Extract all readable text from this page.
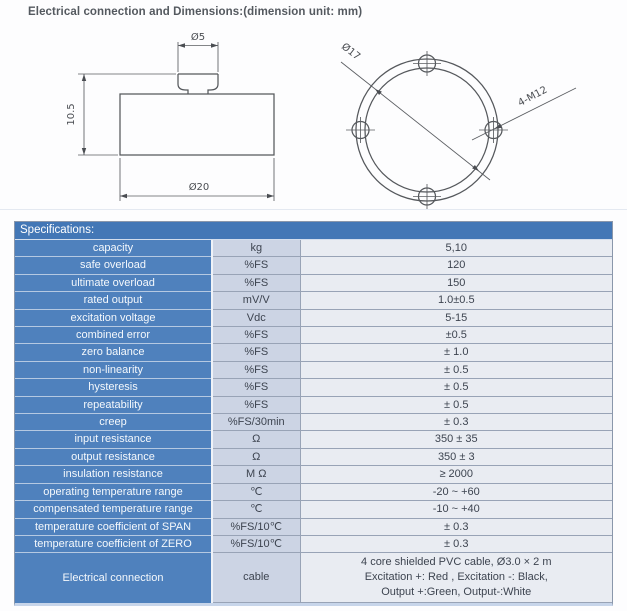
Electrical connection and Dimensions:(dimension unit: mm)
Ø5
10.5
Ø20
Ø17
4-M12
Specifications:
capacity	kg	5,10
safe overload	%FS	120
ultimate overload	%FS	150
rated output	mV/V	1.0±0.5
excitation voltage	Vdc	5-15
combined error	%FS	±0.5
zero balance	%FS	± 1.0
non-linearity	%FS	± 0.5
hysteresis	%FS	± 0.5
repeatability	%FS	± 0.5
creep	%FS/30min	± 0.3
input resistance	Ω	350 ± 35
output resistance	Ω	350 ± 3
insulation resistance	M Ω	≥ 2000
operating temperature range	℃	-20 ~ +60
compensated temperature range	℃	-10 ~ +40
temperature coefficient of SPAN	%FS/10℃	± 0.3
temperature coefficient of ZERO	%FS/10℃	± 0.3
Electrical connection	cable	4 core shielded PVC cable, Ø3.0 × 2 m
Excitation +: Red , Excitation -: Black,
Output +:Green, Output-:White
